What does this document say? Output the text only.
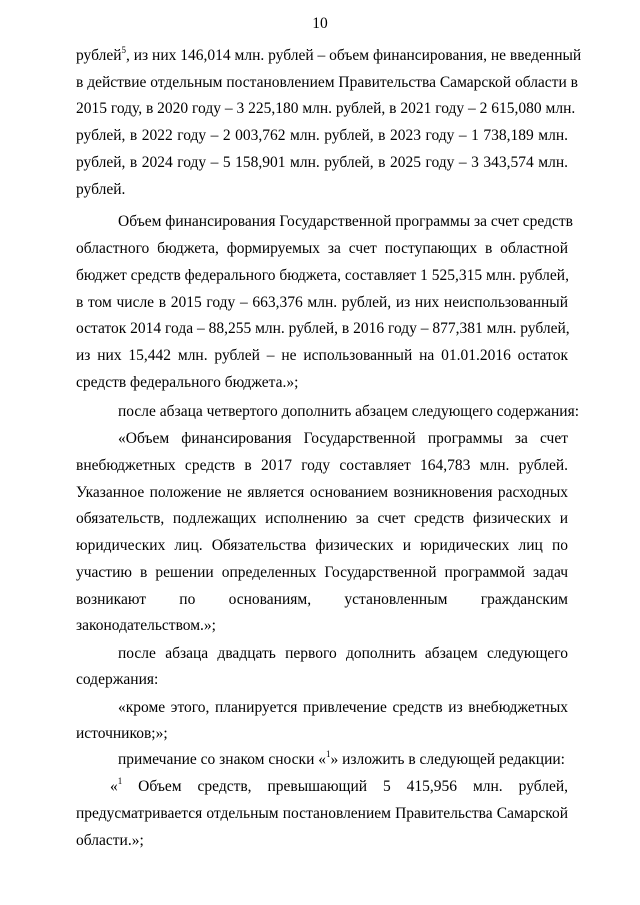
10
рублей$^5$, из них 146,014 млн. рублей – объем финансирования, не введенный
в действие отдельным постановлением Правительства Самарской области в
2015 году, в 2020 году – 3 225,180 млн. рублей, в 2021 году – 2 615,080 млн.
рублей, в 2022 году – 2 003,762 млн. рублей, в 2023 году – 1 738,189 млн.
рублей, в 2024 году – 5 158,901 млн. рублей, в 2025 году – 3 343,574 млн.
рублей.
Объем финансирования Государственной программы за счет средств
областного бюджета, формируемых за счет поступающих в областной
бюджет средств федерального бюджета, составляет 1 525,315 млн. рублей,
в том числе в 2015 году – 663,376 млн. рублей, из них неиспользованный
остаток 2014 года – 88,255 млн. рублей, в 2016 году – 877,381 млн. рублей,
из них 15,442 млн. рублей – не использованный на 01.01.2016 остаток
средств федерального бюджета.»;
после абзаца четвертого дополнить абзацем следующего содержания:
«Объем финансирования Государственной программы за счет
внебюджетных средств в 2017 году составляет 164,783 млн. рублей.
Указанное положение не является основанием возникновения расходных
обязательств, подлежащих исполнению за счет средств физических и
юридических лиц. Обязательства физических и юридических лиц по
участию в решении определенных Государственной программой задач
возникают по основаниям, установленным гражданским
законодательством.»;
после абзаца двадцать первого дополнить абзацем следующего
содержания:
«кроме этого, планируется привлечение средств из внебюджетных
источников;»;
примечание со знаком сноски «$^1$» изложить в следующей редакции:
«$^1$ Объем средств, превышающий 5 415,956 млн. рублей,
предусматривается отдельным постановлением Правительства Самарской
области.»;
